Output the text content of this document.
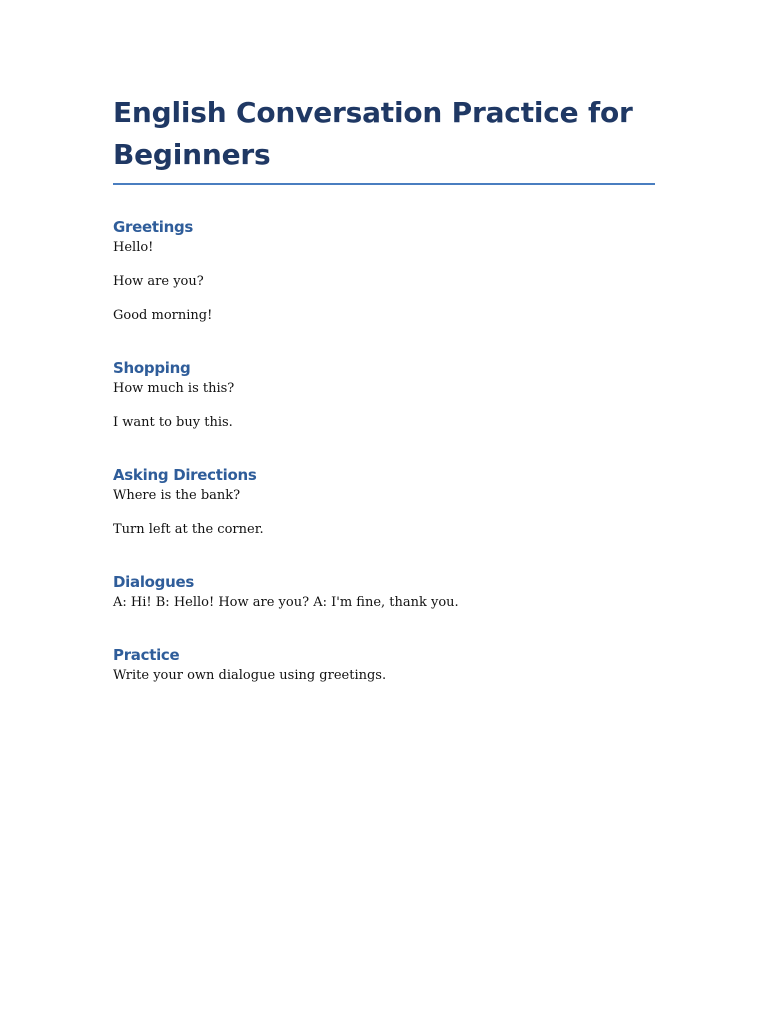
English Conversation Practice for Beginners
Greetings

Hello!

How are you?

Good morning!

Shopping

How much is this?

I want to buy this.

Asking Directions

Where is the bank?

Turn left at the corner.

Dialogues

A: Hi! B: Hello! How are you? A: I'm fine, thank you.

Practice

Write your own dialogue using greetings.
